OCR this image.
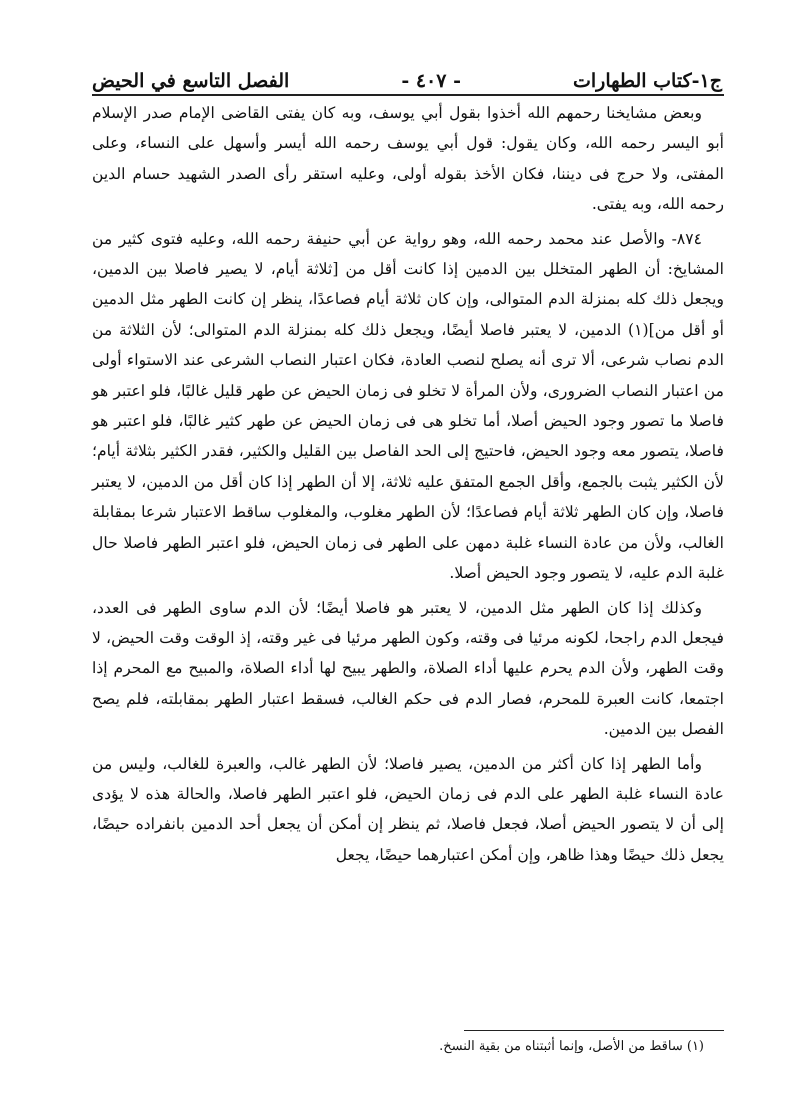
ج١-كتاب الطهارات
- ٤٠٧ -
الفصل التاسع في الحيض

وبعض مشايخنا رحمهم الله أخذوا بقول أبي يوسف، وبه كان يفتى القاضى الإمام صدر الإسلام أبو اليسر رحمه الله، وكان يقول: قول أبي يوسف رحمه الله أيسر وأسهل على النساء، وعلى المفتى، ولا حرج فى ديننا، فكان الأخذ بقوله أولى، وعليه استقر رأى الصدر الشهيد حسام الدين رحمه الله، وبه يفتى.

٨٧٤- والأصل عند محمد رحمه الله، وهو رواية عن أبي حنيفة رحمه الله، وعليه فتوى كثير من المشايخ: أن الطهر المتخلل بين الدمين إذا كانت أقل من [ثلاثة أيام، لا يصير فاصلا بين الدمين، ويجعل ذلك كله بمنزلة الدم المتوالى، وإن كان ثلاثة أيام فصاعدًا، ينظر إن كانت الطهر مثل الدمين أو أقل من](١) الدمين، لا يعتبر فاصلا أيضًا، ويجعل ذلك كله بمنزلة الدم المتوالى؛ لأن الثلاثة من الدم نصاب شرعى، ألا ترى أنه يصلح لنصب العادة، فكان اعتبار النصاب الشرعى عند الاستواء أولى من اعتبار النصاب الضرورى، ولأن المرأة لا تخلو فى زمان الحيض عن طهر قليل غالبًا، فلو اعتبر هو فاصلا ما تصور وجود الحيض أصلا، أما تخلو هى فى زمان الحيض عن طهر كثير غالبًا، فلو اعتبر هو فاصلا، يتصور معه وجود الحيض، فاحتيج إلى الحد الفاصل بين القليل والكثير، فقدر الكثير بثلاثة أيام؛ لأن الكثير يثبت بالجمع، وأقل الجمع المتفق عليه ثلاثة، إلا أن الطهر إذا كان أقل من الدمين، لا يعتبر فاصلا، وإن كان الطهر ثلاثة أيام فصاعدًا؛ لأن الطهر مغلوب، والمغلوب ساقط الاعتبار شرعا بمقابلة الغالب، ولأن من عادة النساء غلبة دمهن على الطهر فى زمان الحيض، فلو اعتبر الطهر فاصلا حال غلبة الدم عليه، لا يتصور وجود الحيض أصلا.

وكذلك إذا كان الطهر مثل الدمين، لا يعتبر هو فاصلا أيضًا؛ لأن الدم ساوى الطهر فى العدد، فيجعل الدم راجحا، لكونه مرئيا فى وقته، وكون الطهر مرئيا فى غير وقته، إذ الوقت وقت الحيض، لا وقت الطهر، ولأن الدم يحرم عليها أداء الصلاة، والطهر يبيح لها أداء الصلاة، والمبيح مع المحرم إذا اجتمعا، كانت العبرة للمحرم، فصار الدم فى حكم الغالب، فسقط اعتبار الطهر بمقابلته، فلم يصح الفصل بين الدمين.

وأما الطهر إذا كان أكثر من الدمين، يصير فاصلا؛ لأن الطهر غالب، والعبرة للغالب، وليس من عادة النساء غلبة الطهر على الدم فى زمان الحيض، فلو اعتبر الطهر فاصلا، والحالة هذه لا يؤدى إلى أن لا يتصور الحيض أصلا، فجعل فاصلا، ثم ينظر إن أمكن أن يجعل أحد الدمين بانفراده حيضًا، يجعل ذلك حيضًا وهذا ظاهر، وإن أمكن اعتبارهما حيضًا، يجعل

(١) ساقط من الأصل، وإنما أثبتناه من بقية النسخ.
